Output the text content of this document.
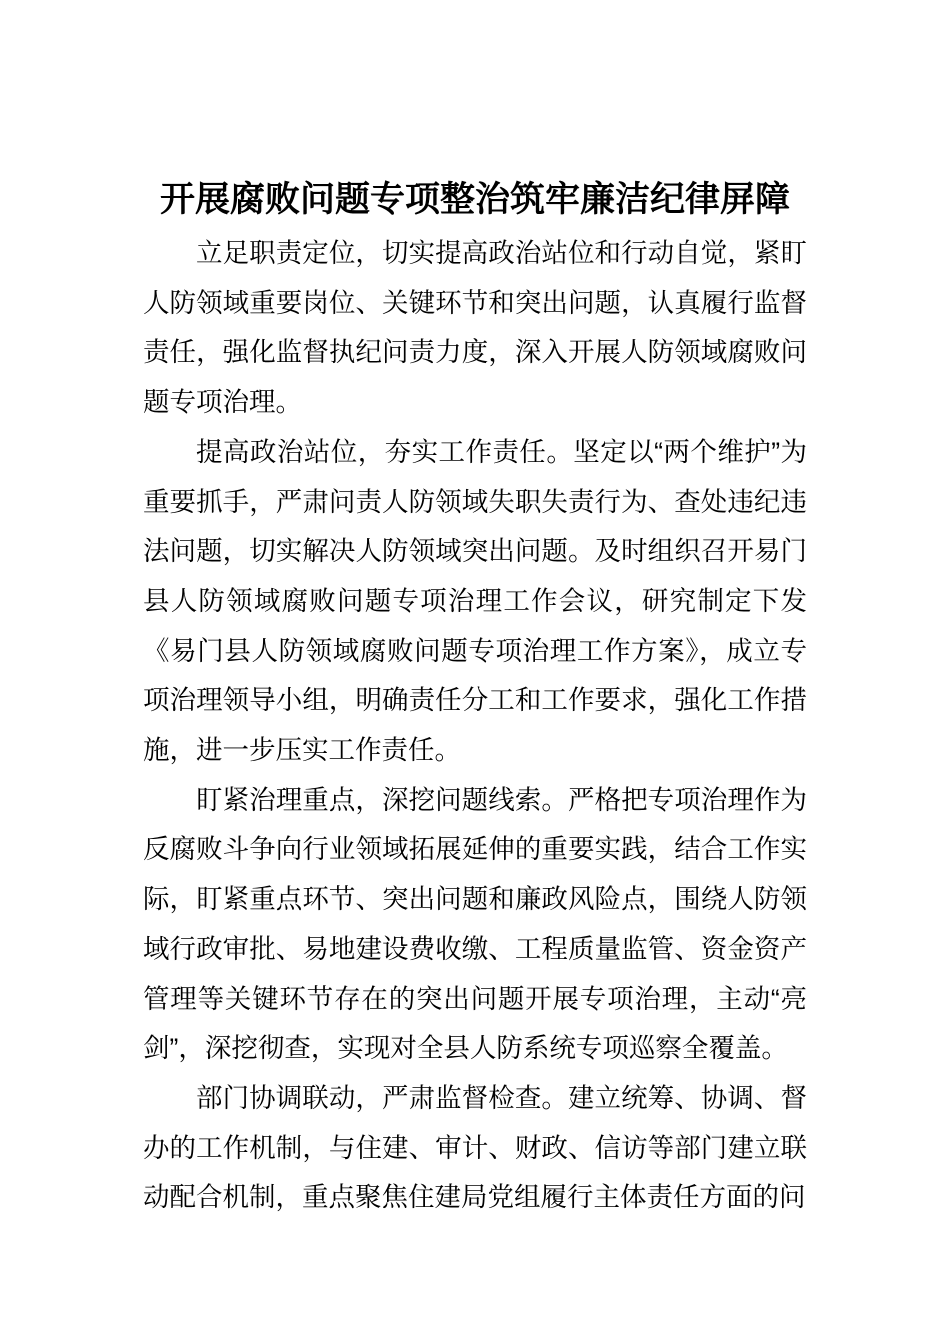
开展腐败问题专项整治筑牢廉洁纪律屏障

立足职责定位，切实提高政治站位和行动自觉，紧盯人防领域重要岗位、关键环节和突出问题，认真履行监督责任，强化监督执纪问责力度，深入开展人防领域腐败问题专项治理。

提高政治站位，夯实工作责任。坚定以“两个维护”为重要抓手，严肃问责人防领域失职失责行为、查处违纪违法问题，切实解决人防领域突出问题。及时组织召开易门县人防领域腐败问题专项治理工作会议，研究制定下发《易门县人防领域腐败问题专项治理工作方案》，成立专项治理领导小组，明确责任分工和工作要求，强化工作措施，进一步压实工作责任。

盯紧治理重点，深挖问题线索。严格把专项治理作为反腐败斗争向行业领域拓展延伸的重要实践，结合工作实际，盯紧重点环节、突出问题和廉政风险点，围绕人防领域行政审批、易地建设费收缴、工程质量监管、资金资产管理等关键环节存在的突出问题开展专项治理，主动“亮剑”，深挖彻查，实现对全县人防系统专项巡察全覆盖。

部门协调联动，严肃监督检查。建立统筹、协调、督办的工作机制，与住建、审计、财政、信访等部门建立联动配合机制，重点聚焦住建局党组履行主体责任方面的问
